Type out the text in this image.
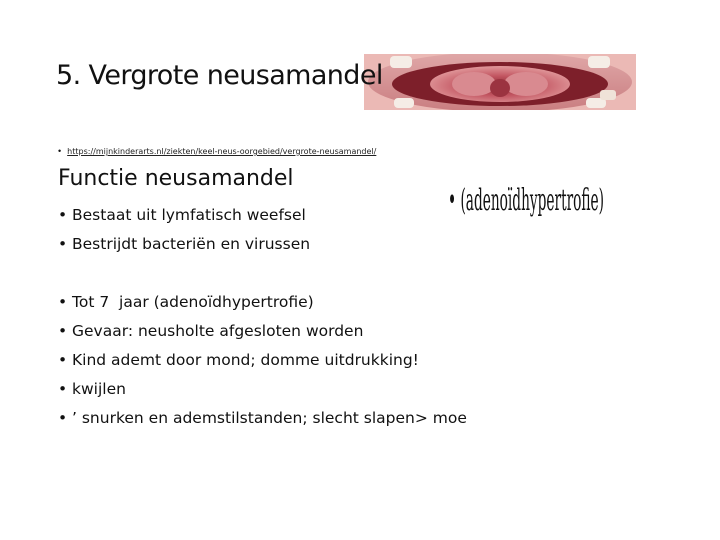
5. Vergrote neusamandel
• https://mijnkinderarts.nl/ziekten/keel-neus-oorgebied/vergrote-neusamandel/
Functie neusamandel
• (adenoïdhypertrofie)
• Bestaat uit lymfatisch weefsel
• Bestrijdt bacteriën en virussen
• Tot 7  jaar (adenoïdhypertrofie)
• Gevaar: neusholte afgesloten worden
• Kind ademt door mond; domme uitdrukking!
• kwijlen
• ’ snurken en ademstilstanden; slecht slapen> moe
